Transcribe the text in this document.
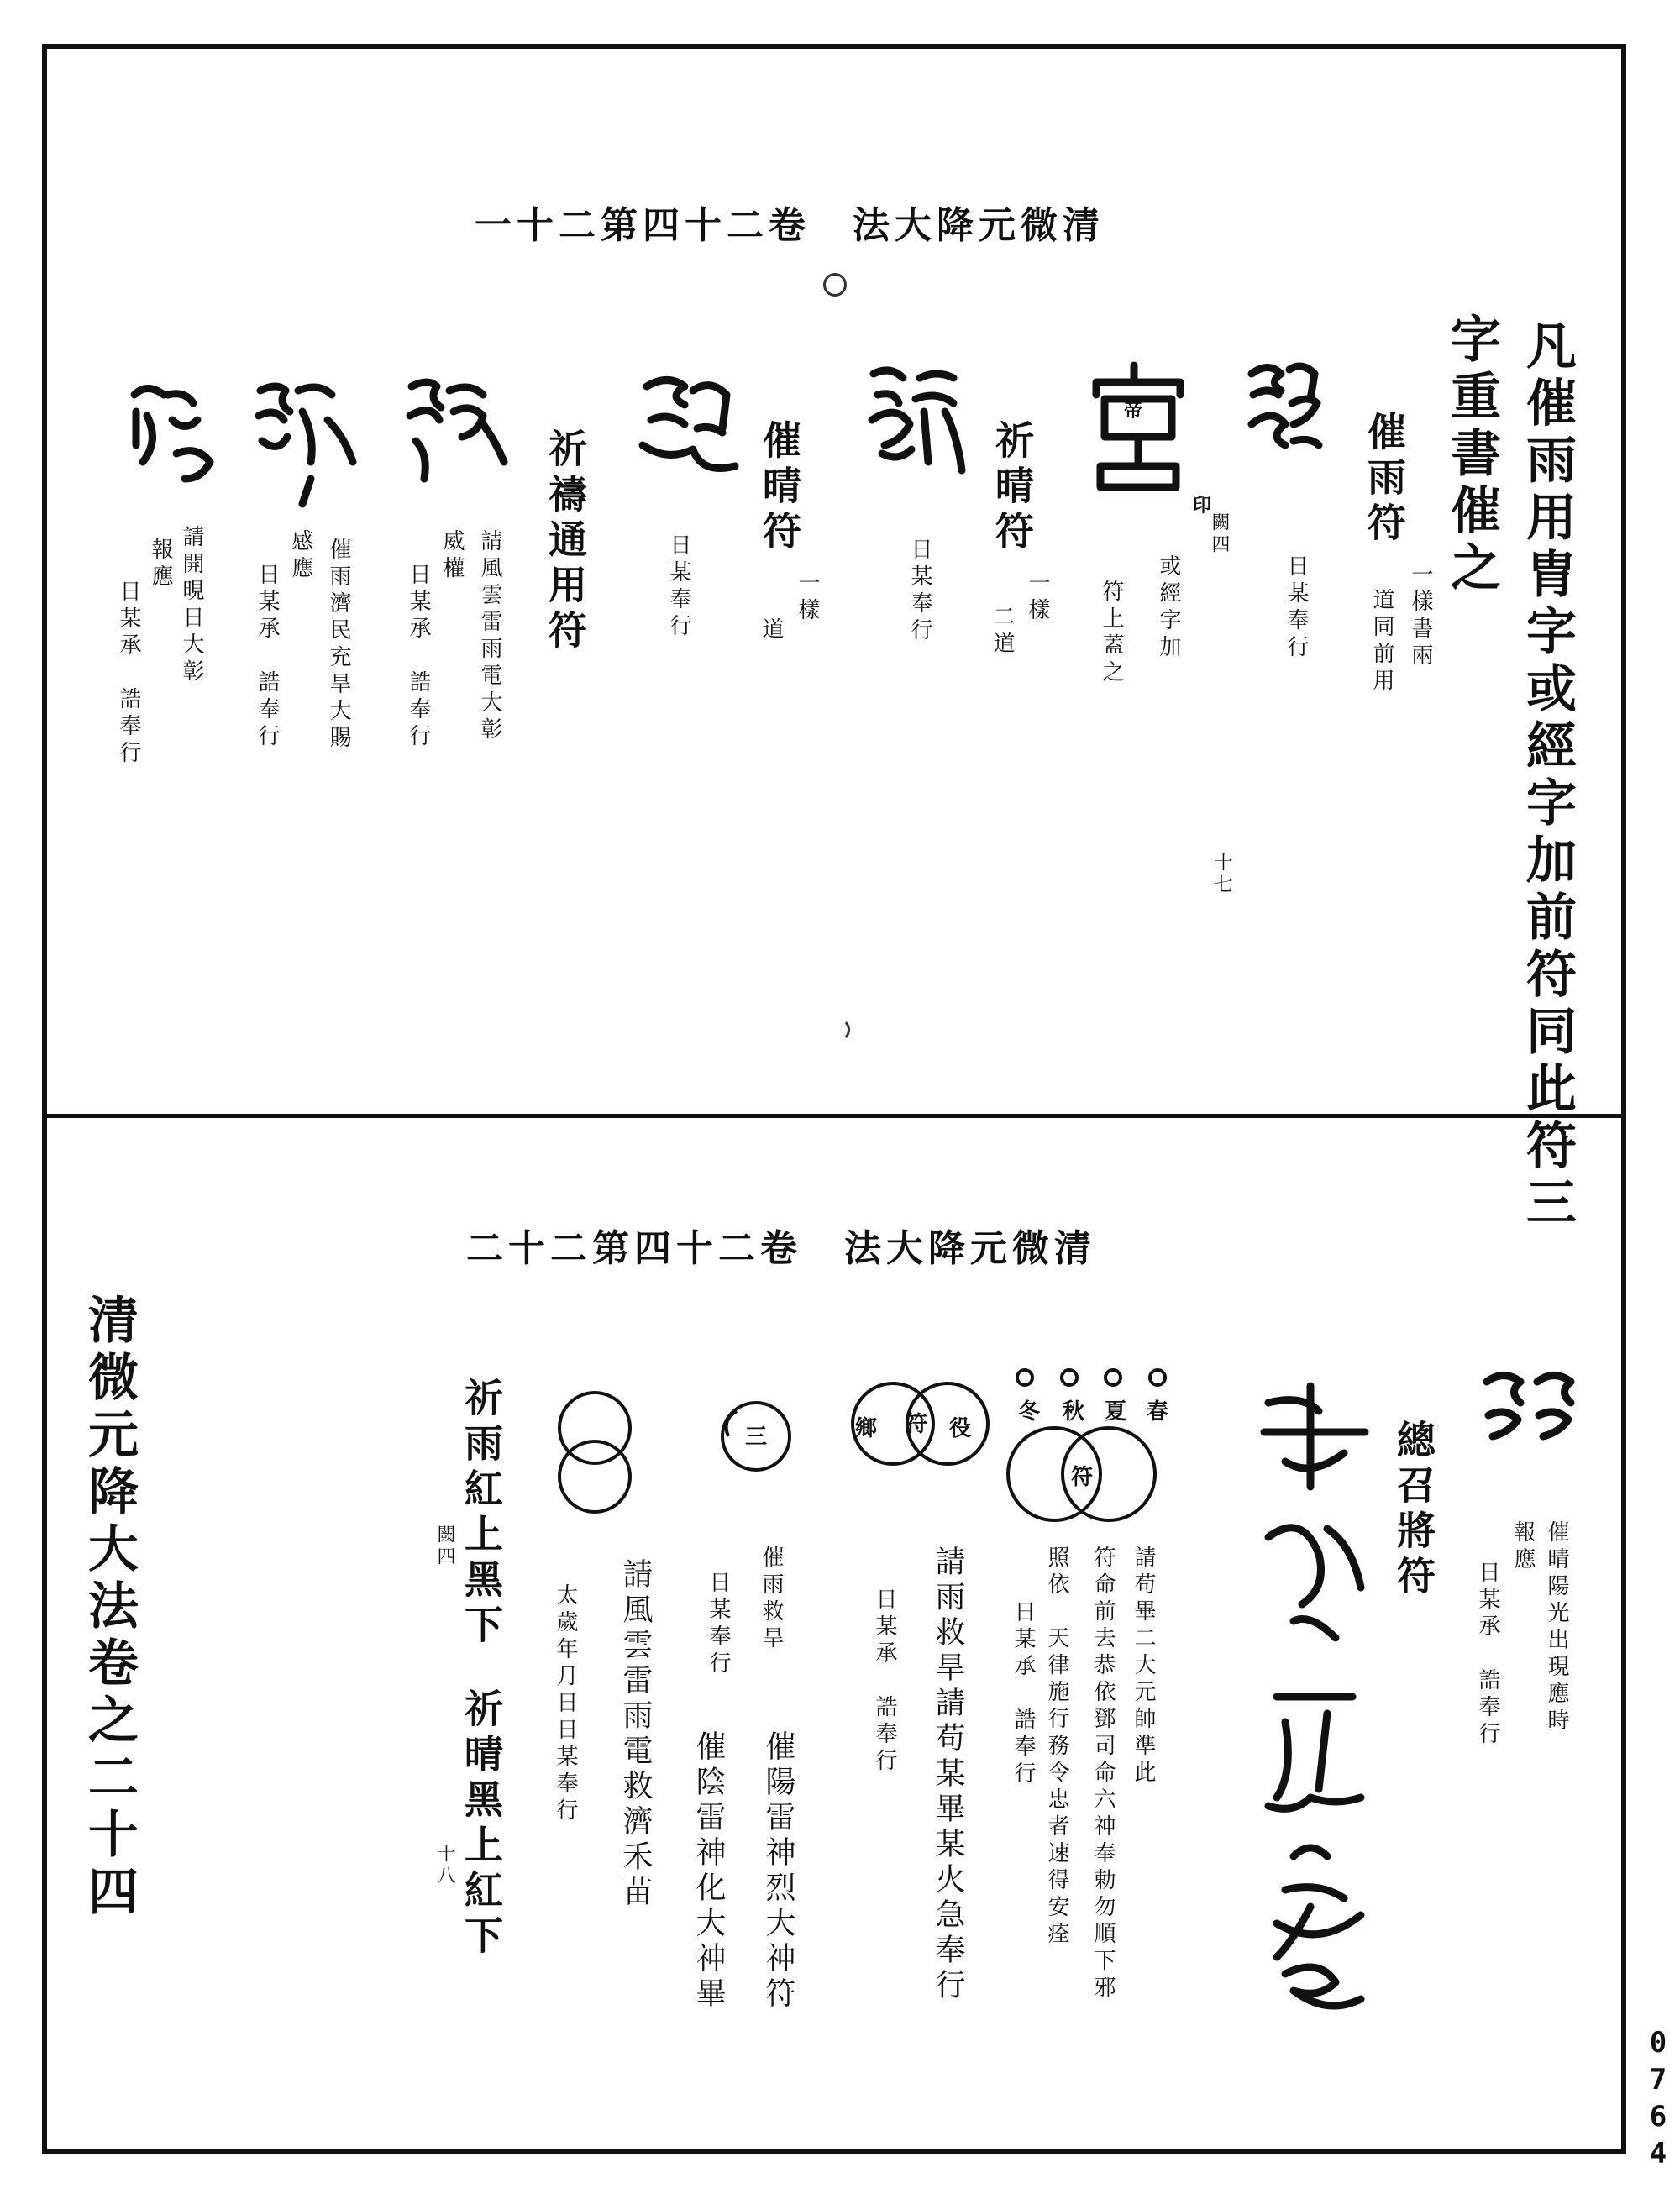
一十二第四十二卷　法大降元微清
凡催雨用胄字或經字加前符同此符三
字重書催之
催雨符
一樣書兩
道同前用
日某奉行
闕四
帝
印
或經字加
符上蓋之
祈晴符
一樣
二道
日某奉行
催晴符
一樣
道
日某奉行
祈禱通用符
請風雲雷雨電大彰
威權
日某承　誥奉行
催雨濟民充旱大賜
感應
日某承　誥奉行
請開晛日大彰
報應
日某承　誥奉行
十七
二十二第四十二卷　法大降元微清
催晴陽光出現應時
報應
日某承　誥奉行
總召將符
春
夏
秋
冬
符
請苟畢二大元帥準此
符命前去恭依鄧司命六神奉勅勿順下邪
照依　天律施行務令忠者速得安痊
日某承　誥奉行
鄉 符 役
請雨救旱請苟某畢某火急奉行
日某承　誥奉行
三
催雨救旱
日某奉行
催陽雷神烈大神符
催陰雷神化大神畢
請風雲雷雨電救濟禾苗
太歲年月日日某奉行
祈雨紅上黑下
祈晴黑上紅下
闕四
十八
清微元降大法卷之二十四
0764
